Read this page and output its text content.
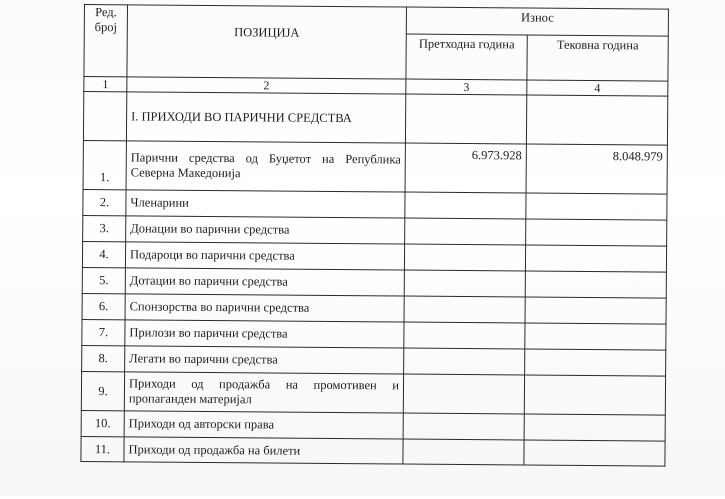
Ред. број	ПОЗИЦИЈА	Износ	
		Претходна година	Тековна година
1	2	3	4
	I. ПРИХОДИ ВО ПАРИЧНИ СРЕДСТВА		
1.	Парични средства од Буџетот на Република Северна Македонија	6.973.928	8.048.979
2.	Членарини		
3.	Донации во парични средства		
4.	Подароци во парични средства		
5.	Дотации во парични средства		
6.	Спонзорства во парични средства		
7.	Прилози во парични средства		
8.	Легати во парични средства		
9.	Приходи од продажба на промотивен и пропаганден материјал		
10.	Приходи од авторски права		
11.	Приходи од продажба на билети		
